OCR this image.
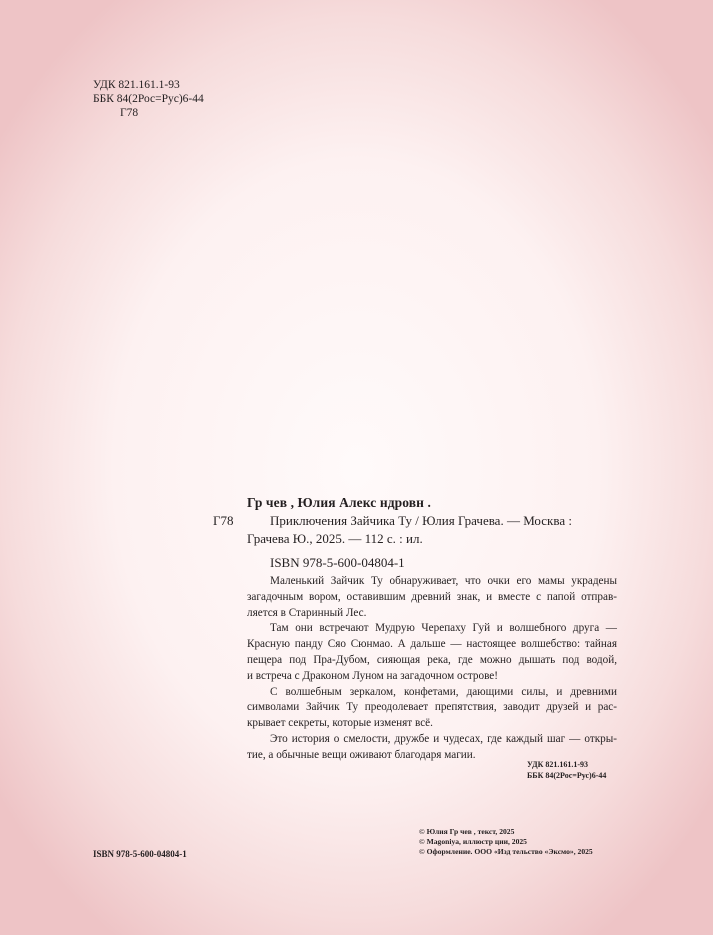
УДК 821.161.1-93
ББК 84(2Рос=Рус)6-44
Г78
Гр чев , Юлия Алекс ндровн .
Г78	Приключения Зайчика Ту / Юлия Грачева. — Москва :
Грачева Ю., 2025. — 112 с. : ил.
ISBN 978-5-600-04804-1
Маленький Зайчик Ту обнаруживает, что очки его мамы украдены
загадочным вором, оставившим древний знак, и вместе с папой отправ-
ляется в Старинный Лес.
Там они встречают Мудрую Черепаху Гуй и волшебного друга —
Красную панду Сяо Сюнмао. А дальше — настоящее волшебство: тайная
пещера под Пра-Дубом, сияющая река, где можно дышать под водой,
и встреча с Драконом Луном на загадочном острове!
С волшебным зеркалом, конфетами, дающими силы, и древними
символами Зайчик Ту преодолевает препятствия, заводит друзей и рас-
крывает секреты, которые изменят всё.
Это история о смелости, дружбе и чудесах, где каждый шаг — откры-
тие, а обычные вещи оживают благодаря магии.
УДК 821.161.1-93
ББК 84(2Рос=Рус)6-44
ISBN 978-5-600-04804-1
© Юлия Гр чев , текст, 2025
© Magoniya, иллюстр ции, 2025
© Оформление. ООО «Изд тельство «Эксмо», 2025
